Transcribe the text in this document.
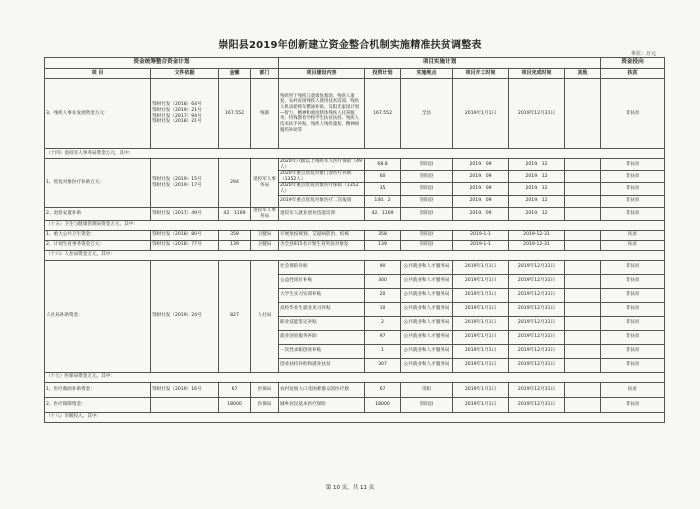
崇阳县2019年创新建立资金整合机制实施精准扶贫调整表
单位：万元
资金统筹整合资金计划				项目实施计划						资金投向
项 目	文件依据	金额	部门	项目建设内容	投资计划	实施地点	项目开工时间	项目完成时间	其他	扶贫
3、残疾人事业发展资金万元：	鄂财社发（2018）64号
鄂财社发（2019）21号
鄂财社发（2017）94号
鄂财社发（2018）21号	167.552	残联	残疾用于残疾儿童康复救助、残疾人康复、农村贫困残疾人使用技术培训、残疾人机动轮椅车燃油补贴、及阳光家园计划—智力、精神和重度肢体残疾人托养服务、特残教育学校学生扶贫扶持、残疾人技术扶手补贴、残疾人残疾康复、精神病服药补助等	167.552	全县	2019年1月1日	2019年12月31日		非扶贫
（十四）退役军人事务局资金万元，其中：										
1、优抚对象医疗补助万元：	鄂财社发（2019）15号
鄂财社发（2019）17号	294	退役军人事务局	2020年六级以上残疾军人医疗保险（49人）	68.8	崇阳县	2019．09	2019．12		非扶贫
				2020年重点优抚对象门诊医疗补助（1352人）	60	崇阳县	2019．09	2019．12		非扶贫
				2020年重点优抚对象医疗保险（1352人）	35	崇阳县	2019．09	2019．12		非扶贫
				2019年重点优抚对象医疗二次报销	140．2	崇阳县	2019．09	2019．12		非扶贫
2、退役安置补助	鄂财社发（2017）49号	42．1169	退役军人事务局	退役军人就业创业技能培训	42．1169	崇阳县	2019．09	2019．12		非扶贫
（十五）卫生与健康管理局资金万元，其中：										
1、重大公共卫生资金：	鄂财社发（2018）80号	358	卫健局	开展免疫规划、艾滋病防治、结核	358	崇阳县	2019-1-1	2019-12-31		扶贫
2、计划生育事务资金万元：	鄂财社发（2018）77号	139	卫健局	为全县915名计划生育奖扶对象发	139	崇阳县	2019-1-1	2019-12-31		扶贫
（十六）人社局资金万元，其中：										
人社局补助资金：	鄂财社发（2019）24号	827	人社局	社会保险补贴	90	公共就业和人才服务局	2019年1月1日	2019年12月31日		非扶贫
				公益性岗位补贴	300	公共就业和人才服务局	2019年1月1日	2019年12月31日		非扶贫
				大学生实习实训补贴	20	公共就业和人才服务局	2019年1月1日	2019年12月31日		非扶贫
				高校毕业生就业见习补贴	10	公共就业和人才服务局	2019年1月1日	2019年12月31日		非扶贫
				职业技能鉴定补贴	2	公共就业和人才服务局	2019年1月1日	2019年12月31日		非扶贫
				就业创业服务补助	97	公共就业和人才服务局	2019年1月1日	2019年12月31日		非扶贫
				一次性求职创业补贴	1	公共就业和人才服务局	2019年1月1日	2019年12月31日		非扶贫
				创业扶持补助和就业扶贫	307	公共就业和人才服务局	2019年1月1日	2019年12月31日		非扶贫
（十七）医保局资金万元，其中：										
1、医疗救助补助资金：	鄂财社发（2019）16号	67	医保局	农村贫困人口及困难群众的医疗救	67	崇阳	2019年1月1日	2019年12月31日		扶贫
2、医疗保障资金：		18000	医保局	城乡居民基本医疗保险	18000	崇阳县	2019年1月1日	2019年12月31日		非扶贫
（十八）市级投入，其中：										
第 10 页，共 11 页
